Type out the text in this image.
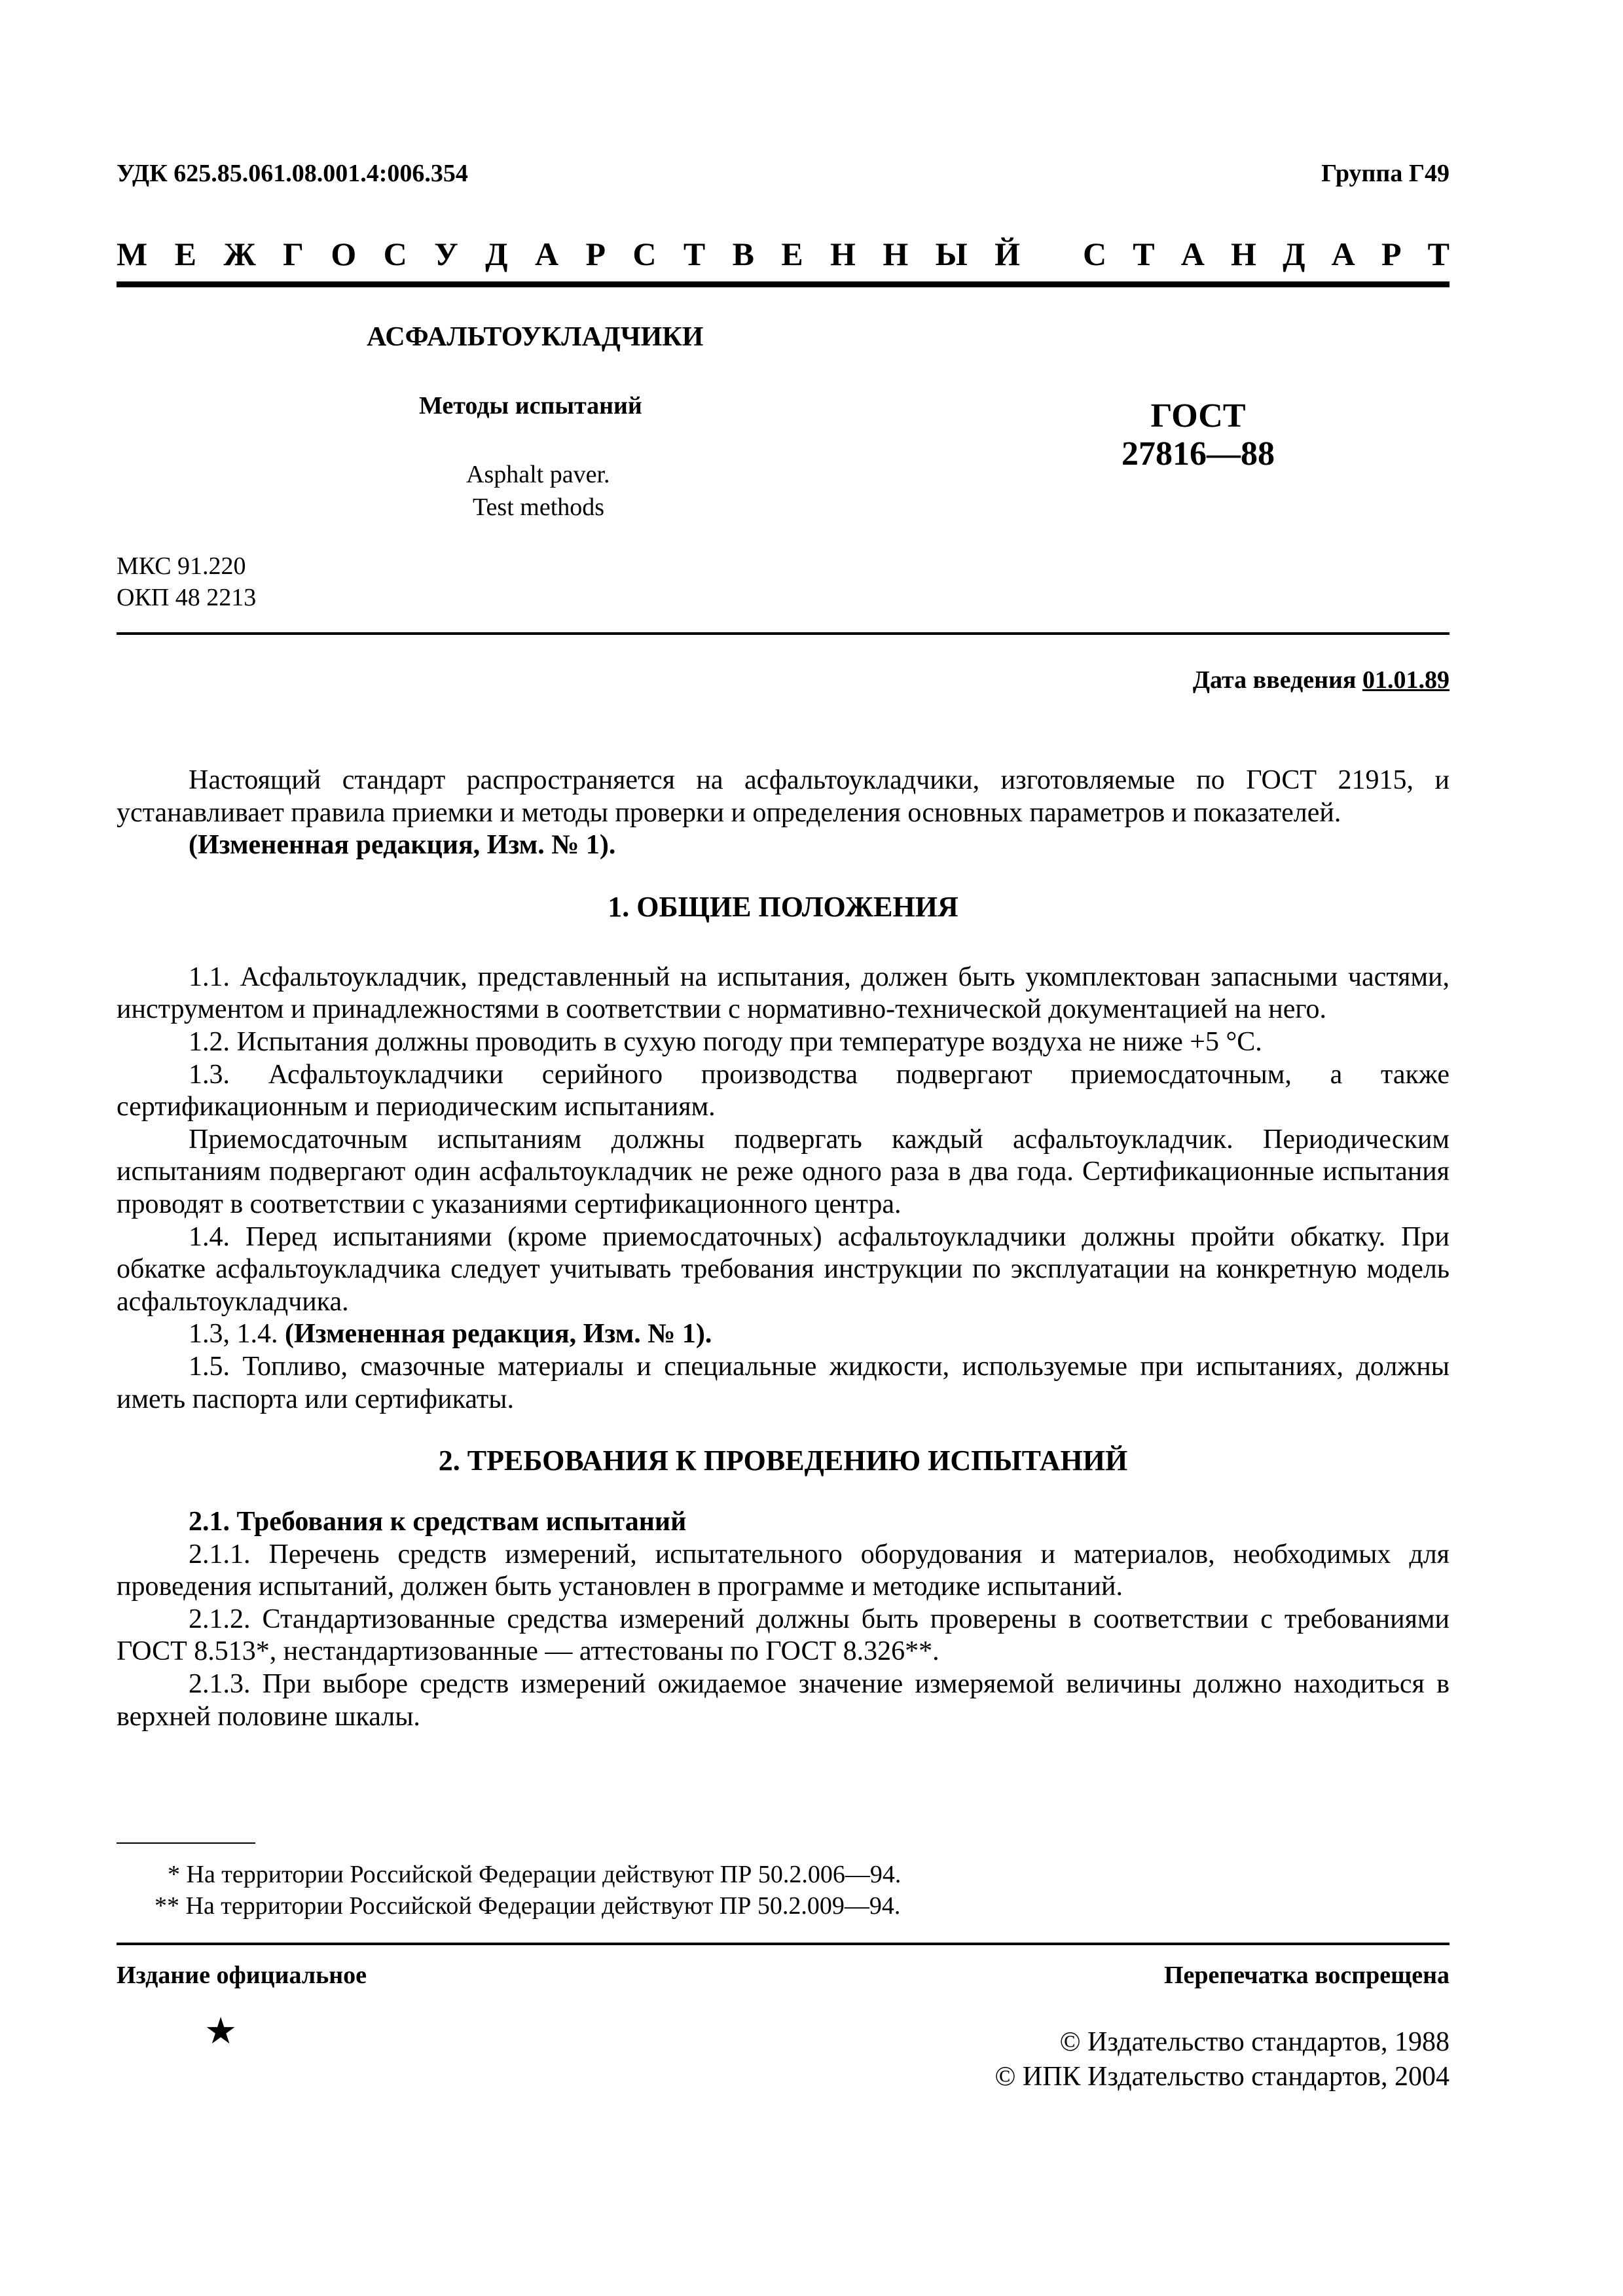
УДК 625.85.061.08.001.4:006.354	Группа Г49
М Е Ж Г О С У Д А Р С Т В Е Н Н Ы Й С Т А Н Д А Р Т
АСФАЛЬТОУКЛАДЧИКИ
Методы испытаний
Asphalt paver.
Test methods
ГОСТ
27816—88
МКС 91.220
ОКП 48 2213
Дата введения 01.01.89

Настоящий стандарт распространяется на асфальтоукладчики, изготовляемые по ГОСТ 21915, и устанавливает правила приемки и методы проверки и определения основных параметров и показателей.

(Измененная редакция, Изм. № 1).

1. ОБЩИЕ ПОЛОЖЕНИЯ

1.1. Асфальтоукладчик, представленный на испытания, должен быть укомплектован запасными частями, инструментом и принадлежностями в соответствии с нормативно-технической документацией на него.

1.2. Испытания должны проводить в сухую погоду при температуре воздуха не ниже +5 °С.

1.3. Асфальтоукладчики серийного производства подвергают приемосдаточным, а также сертификационным и периодическим испытаниям.

Приемосдаточным испытаниям должны подвергать каждый асфальтоукладчик. Периодическим испытаниям подвергают один асфальтоукладчик не реже одного раза в два года. Сертификационные испытания проводят в соответствии с указаниями сертификационного центра.

1.4. Перед испытаниями (кроме приемосдаточных) асфальтоукладчики должны пройти обкатку. При обкатке асфальтоукладчика следует учитывать требования инструкции по эксплуатации на конкретную модель асфальтоукладчика.

1.3, 1.4. (Измененная редакция, Изм. № 1).

1.5. Топливо, смазочные материалы и специальные жидкости, используемые при испытаниях, должны иметь паспорта или сертификаты.

2. ТРЕБОВАНИЯ К ПРОВЕДЕНИЮ ИСПЫТАНИЙ

2.1. Требования к средствам испытаний

2.1.1. Перечень средств измерений, испытательного оборудования и материалов, необходимых для проведения испытаний, должен быть установлен в программе и методике испытаний.

2.1.2. Стандартизованные средства измерений должны быть проверены в соответствии с требованиями ГОСТ 8.513*, нестандартизованные — аттестованы по ГОСТ 8.326**.

2.1.3. При выборе средств измерений ожидаемое значение измеряемой величины должно находиться в верхней половине шкалы.

* На территории Российской Федерации действуют ПР 50.2.006—94.

** На территории Российской Федерации действуют ПР 50.2.009—94.

Издание официальное	Перепечатка воспрещена
★	© Издательство стандартов, 1988
© ИПК Издательство стандартов, 2004
